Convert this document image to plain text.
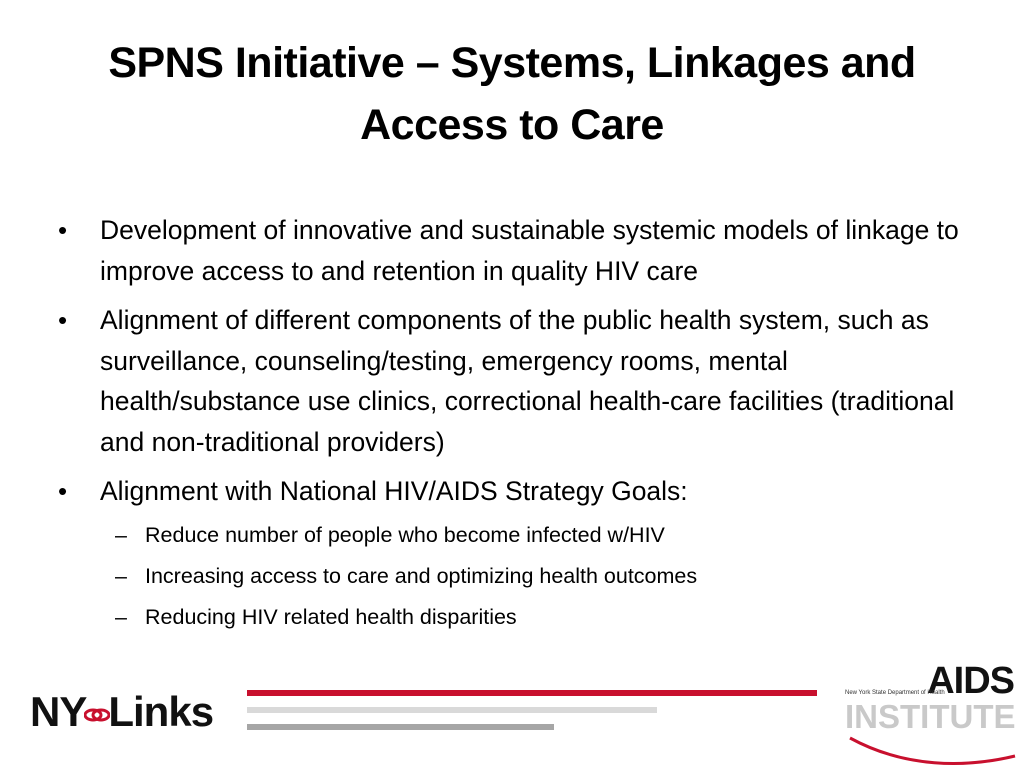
SPNS Initiative – Systems, Linkages and Access to Care
• Development of innovative and sustainable systemic models of linkage to improve access to and retention in quality HIV care
• Alignment of different components of the public health system, such as surveillance, counseling/testing, emergency rooms, mental health/substance use clinics, correctional health-care facilities (traditional and non-traditional providers)
• Alignment with National HIV/AIDS Strategy Goals:
– Reduce number of people who become infected w/HIV
– Increasing access to care and optimizing health outcomes
– Reducing HIV related health disparities
NY Links
AIDS
New York State Department of Health
INSTITUTE
